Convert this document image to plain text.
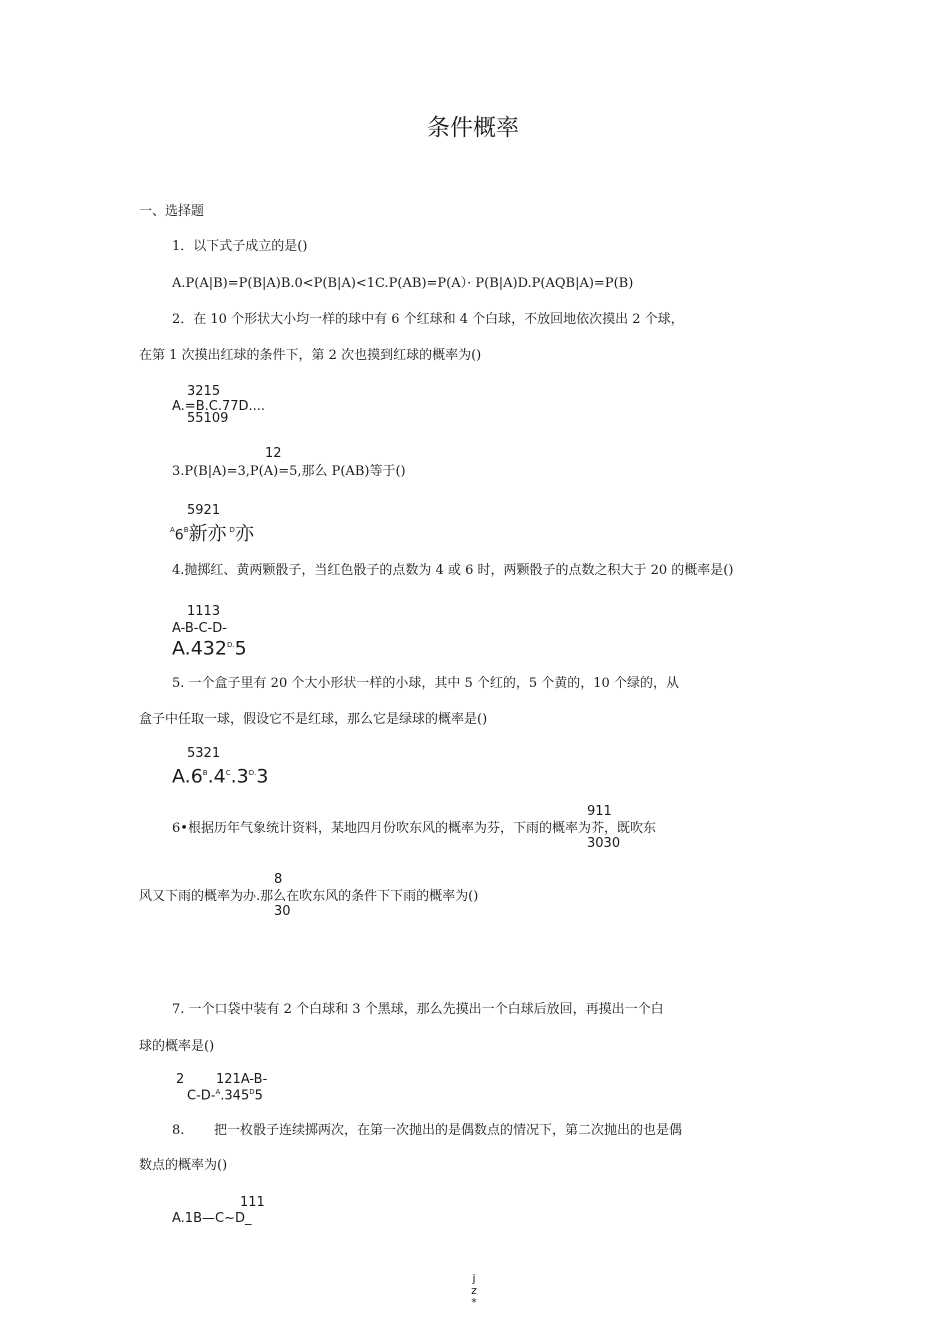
条件概率
一、选择题
1．以下式子成立的是()
A.P(A|B)=P(B|A)B.0<P(B|A)<1C.P(AB)=P(A）· P(B|A)D.P(AQB|A)=P(B)
2．在 10 个形状大小均一样的球中有 6 个红球和 4 个白球，不放回地依次摸出 2 个球，
在第 1 次摸出红球的条件下，第 2 次也摸到红球的概率为()
3215
A.=B.C.77D....
55109
12
3.P(B|A)=3,P(A)=5,那么 P(AB)等于()
5921
$^A6^B$新亦 $^D$亦
4.抛掷红、黄两颗骰子，当红色骰子的点数为 4 或 6 时，两颗骰子的点数之积大于 20 的概率是()
1113
A-B-C-D-
$A.432^{D.}5$
5. 一个盒子里有 20 个大小形状一样的小球，其中 5 个红的，5 个黄的，10 个绿的，从
盒子中任取一球，假设它不是红球，那么它是绿球的概率是()
5321
$A.6^B.4^C.3^{D.}3$
911
6•根据历年气象统计资料，某地四月份吹东风的概率为芬，下雨的概率为芥，既吹东
3030
8
风又下雨的概率为办.那么在吹东风的条件下下雨的概率为()
30
7. 一个口袋中装有 2 个白球和 3 个黑球，那么先摸出一个白球后放回，再摸出一个白
球的概率是()
2 121A-B-
$C-D-^A.345^D5$
8. 把一枚骰子连续掷两次，在第一次抛出的是偶数点的情况下，第二次抛出的也是偶
数点的概率为()
111
A.1B—C~D_
j
z
*
